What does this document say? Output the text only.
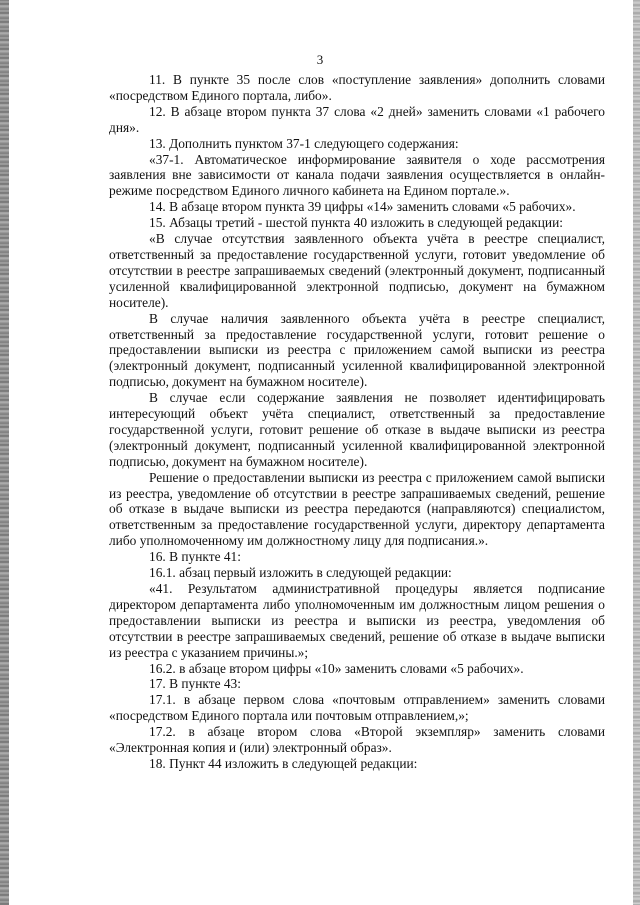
3

11. В пункте 35 после слов «поступление заявления» дополнить словами «посредством Единого портала, либо».

12. В абзаце втором пункта 37 слова «2 дней» заменить словами «1 рабочего дня».

13. Дополнить пунктом 37-1 следующего содержания:

«37-1. Автоматическое информирование заявителя о ходе рассмотрения заявления вне зависимости от канала подачи заявления осуществляется в онлайн-режиме посредством Единого личного кабинета на Едином портале.».

14. В абзаце втором пункта 39 цифры «14» заменить словами «5 рабочих».

15. Абзацы третий - шестой пункта 40 изложить в следующей редакции:

«В случае отсутствия заявленного объекта учёта в реестре специалист, ответственный за предоставление государственной услуги, готовит уведомление об отсутствии в реестре запрашиваемых сведений (электронный документ, подписанный усиленной квалифицированной электронной подписью, документ на бумажном носителе).

В случае наличия заявленного объекта учёта в реестре специалист, ответственный за предоставление государственной услуги, готовит решение о предоставлении выписки из реестра с приложением самой выписки из реестра (электронный документ, подписанный усиленной квалифицированной электронной подписью, документ на бумажном носителе).

В случае если содержание заявления не позволяет идентифицировать интересующий объект учёта специалист, ответственный за предоставление государственной услуги, готовит решение об отказе в выдаче выписки из реестра (электронный документ, подписанный усиленной квалифицированной электронной подписью, документ на бумажном носителе).

Решение о предоставлении выписки из реестра с приложением самой выписки из реестра, уведомление об отсутствии в реестре запрашиваемых сведений, решение об отказе в выдаче выписки из реестра передаются (направляются) специалистом, ответственным за предоставление государственной услуги, директору департамента либо уполномоченному им должностному лицу для подписания.».

16. В пункте 41:

16.1. абзац первый изложить в следующей редакции:

«41. Результатом административной процедуры является подписание директором департамента либо уполномоченным им должностным лицом решения о предоставлении выписки из реестра и выписки из реестра, уведомления об отсутствии в реестре запрашиваемых сведений, решение об отказе в выдаче выписки из реестра с указанием причины.»;

16.2. в абзаце втором цифры «10» заменить словами «5 рабочих».

17. В пункте 43:

17.1. в абзаце первом слова «почтовым отправлением» заменить словами «посредством Единого портала или почтовым отправлением,»;

17.2. в абзаце втором слова «Второй экземпляр» заменить словами «Электронная копия и (или) электронный образ».

18. Пункт 44 изложить в следующей редакции:
